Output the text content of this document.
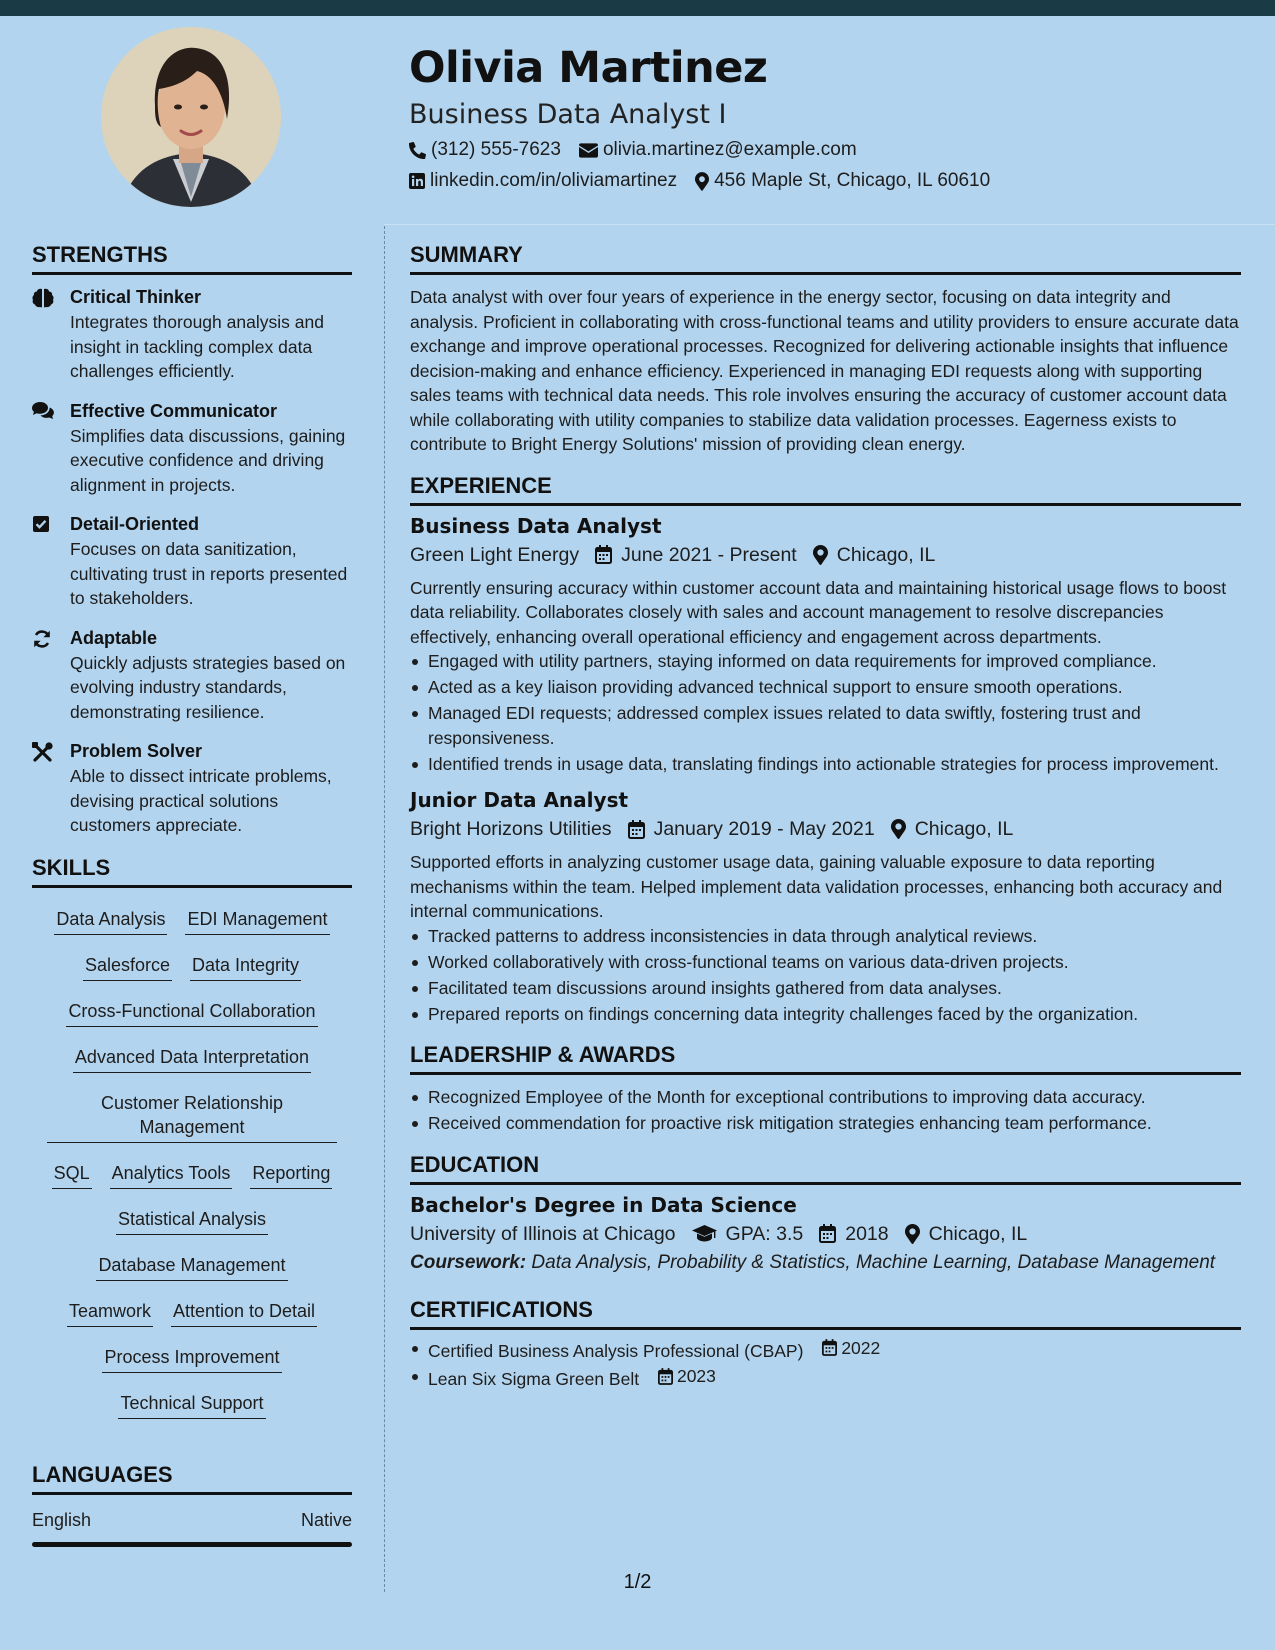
Olivia Martinez
Business Data Analyst I
(312) 555-7623 olivia.martinez@example.com
linkedin.com/in/oliviamartinez 456 Maple St, Chicago, IL 60610
STRENGTHS
Critical Thinker
Integrates thorough analysis and insight in tackling complex data challenges efficiently.
Effective Communicator
Simplifies data discussions, gaining executive confidence and driving alignment in projects.
Detail-Oriented
Focuses on data sanitization, cultivating trust in reports presented to stakeholders.
Adaptable
Quickly adjusts strategies based on evolving industry standards, demonstrating resilience.
Problem Solver
Able to dissect intricate problems, devising practical solutions customers appreciate.
SKILLS
Data Analysis EDI Management
Salesforce Data Integrity
Cross-Functional Collaboration
Advanced Data Interpretation
Customer Relationship Management
SQL Analytics Tools Reporting
Statistical Analysis
Database Management
Teamwork Attention to Detail
Process Improvement
Technical Support
LANGUAGES
English	Native
SUMMARY
Data analyst with over four years of experience in the energy sector, focusing on data integrity and analysis. Proficient in collaborating with cross-functional teams and utility providers to ensure accurate data exchange and improve operational processes. Recognized for delivering actionable insights that influence decision-making and enhance efficiency. Experienced in managing EDI requests along with supporting sales teams with technical data needs. This role involves ensuring the accuracy of customer account data while collaborating with utility companies to stabilize data validation processes. Eagerness exists to contribute to Bright Energy Solutions' mission of providing clean energy.
EXPERIENCE
Business Data Analyst
Green Light Energy June 2021 - Present Chicago, IL
Currently ensuring accuracy within customer account data and maintaining historical usage flows to boost data reliability. Collaborates closely with sales and account management to resolve discrepancies effectively, enhancing overall operational efficiency and engagement across departments.
Engaged with utility partners, staying informed on data requirements for improved compliance.
Acted as a key liaison providing advanced technical support to ensure smooth operations.
Managed EDI requests; addressed complex issues related to data swiftly, fostering trust and responsiveness.
Identified trends in usage data, translating findings into actionable strategies for process improvement.
Junior Data Analyst
Bright Horizons Utilities January 2019 - May 2021 Chicago, IL
Supported efforts in analyzing customer usage data, gaining valuable exposure to data reporting mechanisms within the team. Helped implement data validation processes, enhancing both accuracy and internal communications.
Tracked patterns to address inconsistencies in data through analytical reviews.
Worked collaboratively with cross-functional teams on various data-driven projects.
Facilitated team discussions around insights gathered from data analyses.
Prepared reports on findings concerning data integrity challenges faced by the organization.
LEADERSHIP & AWARDS
Recognized Employee of the Month for exceptional contributions to improving data accuracy.
Received commendation for proactive risk mitigation strategies enhancing team performance.
EDUCATION
Bachelor's Degree in Data Science
University of Illinois at Chicago	GPA: 3.5 2018 Chicago, IL
Coursework: Data Analysis, Probability & Statistics, Machine Learning, Database Management
CERTIFICATIONS
Certified Business Analysis Professional (CBAP) 2022
Lean Six Sigma Green Belt 2023
1/2
